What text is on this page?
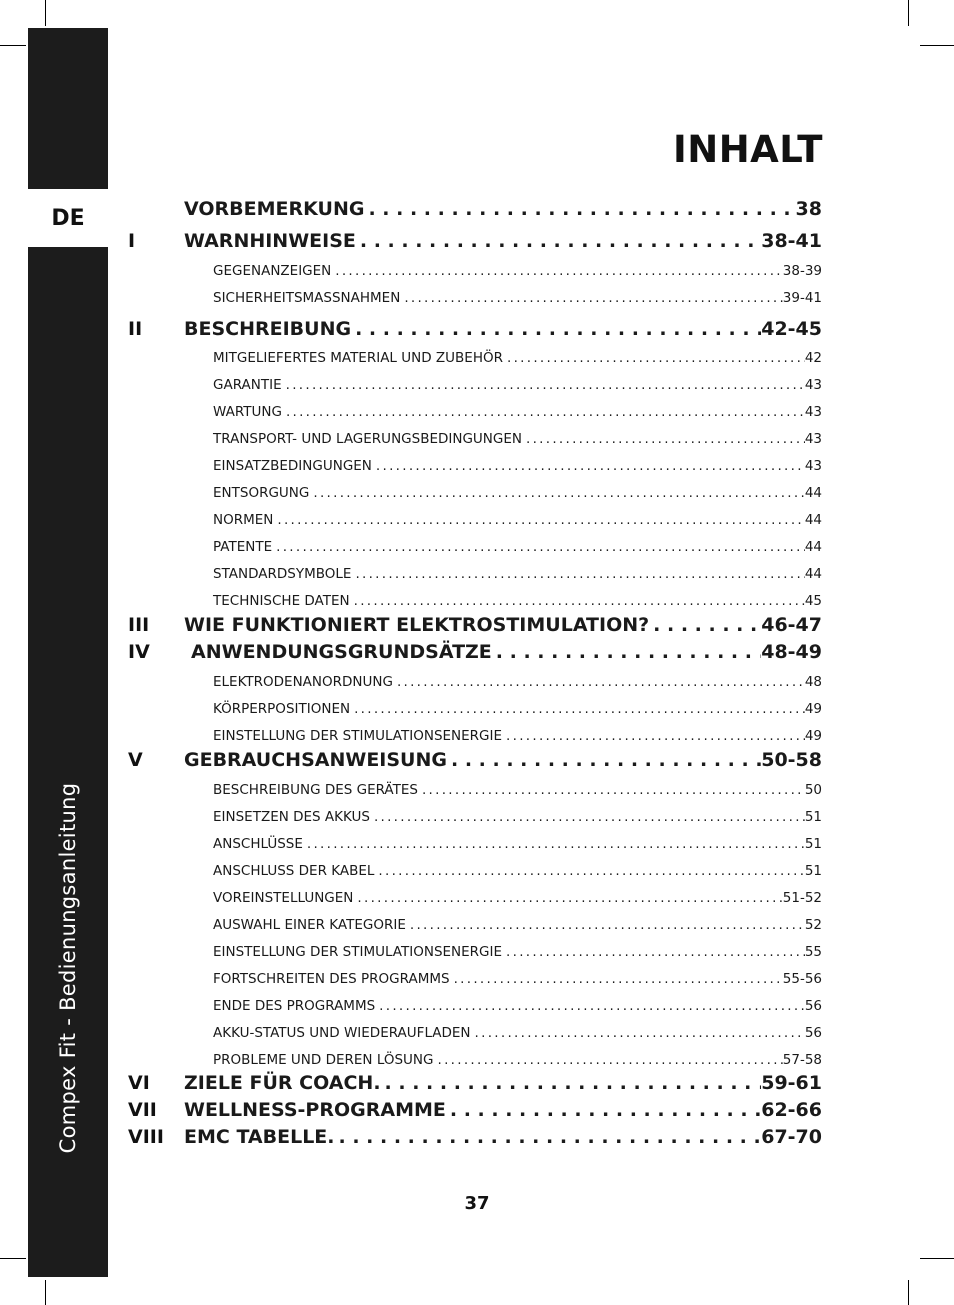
DE
Compex Fit - Bedienungsanleitung
INHALT
VORBEMERKUNG . . .	38
I	WARNHINWEISE . . .	38-41
GEGENANZEIGEN . . .	38-39
SICHERHEITSMASSNAHMEN . . .	39-41
II BESCHREIBUNG . . .	42-45
MITGELIEFERTES MATERIAL UND ZUBEHÖR . . .	42
GARANTIE . . .	43
WARTUNG . . .	43
TRANSPORT- UND LAGERUNGSBEDINGUNGEN . . .	43
EINSATZBEDINGUNGEN . . .	43
ENTSORGUNG . . .	44
NORMEN . . .	44
PATENTE . . .	44
STANDARDSYMBOLE . . .	44
TECHNISCHE DATEN . . .	45
III WIE FUNKTIONIERT ELEKTROSTIMULATION? . . .	46-47
IV ANWENDUNGSGRUNDSÄTZE . . .	48-49
ELEKTRODENANORDNUNG . . .	48
KÖRPERPOSITIONEN . . .	49
EINSTELLUNG DER STIMULATIONSENERGIE . . .	49
V GEBRAUCHSANWEISUNG . . .	50-58
BESCHREIBUNG DES GERÄTES . . .	50
EINSETZEN DES AKKUS . . .	51
ANSCHLÜSSE . . .	51
ANSCHLUSS DER KABEL . . .	51
VOREINSTELLUNGEN . . .	51-52
AUSWAHL EINER KATEGORIE . . .	52
EINSTELLUNG DER STIMULATIONSENERGIE . . .	55
FORTSCHREITEN DES PROGRAMMS . . .	55-56
ENDE DES PROGRAMMS . . .	56
AKKU-STATUS UND WIEDERAUFLADEN . . .	56
PROBLEME UND DEREN LÖSUNG . . .	57-58
VI ZIELE FÜR COACH. . . .	59-61
VII WELLNESS-PROGRAMME . . .	62-66
VIII EMC TABELLE. . . .	67-70
37
